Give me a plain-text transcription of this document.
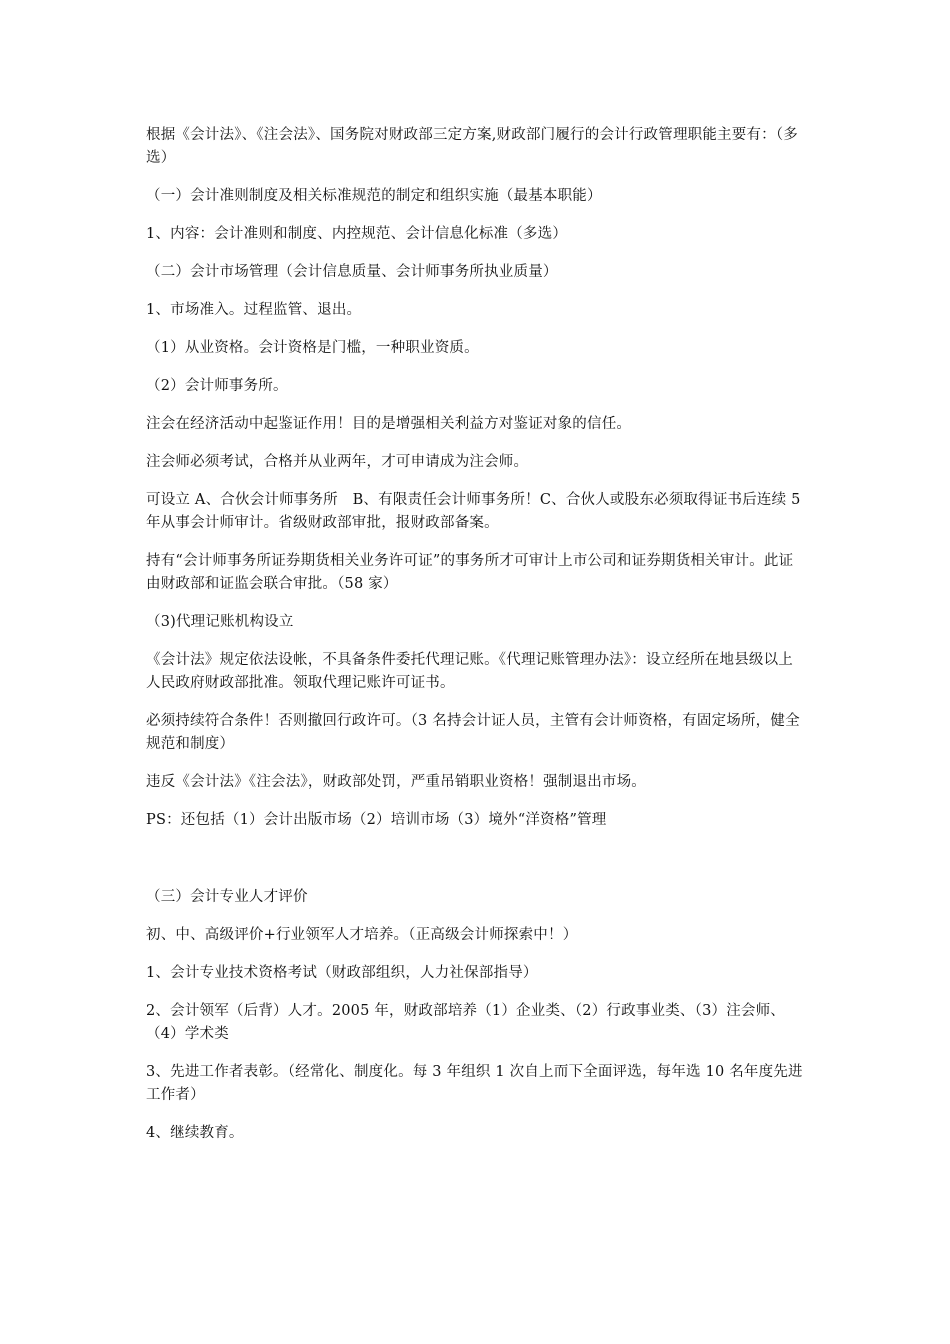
根据《会计法》、《注会法》、国务院对财政部三定方案,财政部门履行的会计行政管理职能主要有：（多选）

（一）会计准则制度及相关标准规范的制定和组织实施（最基本职能）

1、内容：会计准则和制度、内控规范、会计信息化标准（多选）

（二）会计市场管理（会计信息质量、会计师事务所执业质量）

1、市场准入。过程监管、退出。

（1）从业资格。会计资格是门槛，一种职业资质。

（2）会计师事务所。

注会在经济活动中起鉴证作用！目的是增强相关利益方对鉴证对象的信任。

注会师必须考试，合格并从业两年，才可申请成为注会师。

可设立 A、合伙会计师事务所　B、有限责任会计师事务所！C、合伙人或股东必须取得证书后连续 5 年从事会计师审计。省级财政部审批，报财政部备案。

持有“会计师事务所证券期货相关业务许可证”的事务所才可审计上市公司和证券期货相关审计。此证由财政部和证监会联合审批。（58 家）

（3)代理记账机构设立

《会计法》规定依法设帐，不具备条件委托代理记账。《代理记账管理办法》：设立经所在地县级以上人民政府财政部批准。领取代理记账许可证书。

必须持续符合条件！否则撤回行政许可。（3 名持会计证人员，主管有会计师资格，有固定场所，健全规范和制度）

违反《会计法》《注会法》，财政部处罚，严重吊销职业资格！强制退出市场。

PS：还包括（1）会计出版市场（2）培训市场（3）境外“洋资格”管理

（三）会计专业人才评价

初、中、高级评价+行业领军人才培养。（正高级会计师探索中！）

1、会计专业技术资格考试（财政部组织，人力社保部指导）

2、会计领军（后背）人才。2005 年，财政部培养（1）企业类、（2）行政事业类、（3）注会师、（4）学术类

3、先进工作者表彰。（经常化、制度化。每 3 年组织 1 次自上而下全面评选，每年选 10 名年度先进工作者）

4、继续教育。
